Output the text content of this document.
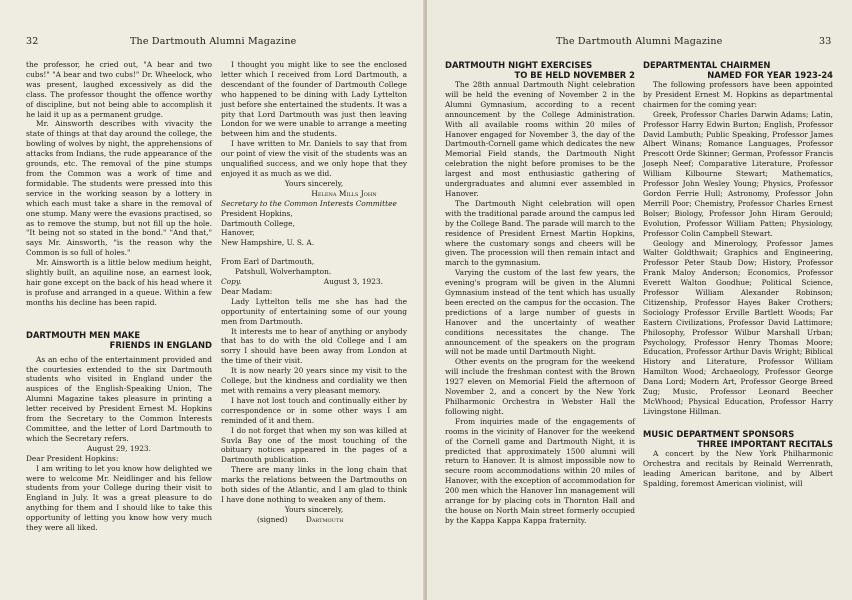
32	The Dartmouth Alumni Magazine

the professor, he cried out, "A bear and two cubs!" "A bear and two cubs!" Dr. Wheelock, who was present, laughed excessively as did the class. The professor thought the offence worthy of discipline, but not being able to accomplish it he laid it up as a permanent grudge.

Mr. Ainsworth describes with vivacity the state of things at that day around the college, the bowling of wolves by night, the apprehensions of attacks from Indians, the rude appearance of the grounds, etc. The removal of the pine stumps from the Common was a work of time and formidable. The students were pressed into this service in the working season by a lottery in which each must take a share in the removal of one stump. Many were the evasions practised, so as to remove the stump, but not fill up the hole. "It being not so stated in the bond." "And that," says Mr. Ainsworth, "is the reason why the Common is so full of holes."

Mr. Ainsworth is a little below medium height, slightly built, an aquiline nose, an earnest look, hair gone except on the back of his head where it is profuse and arranged in a queue. Within a few months his decline has been rapid.

DARTMOUTH MEN MAKE
FRIENDS IN ENGLAND

As an echo of the entertainment provided and the courtesies extended to the six Dartmouth students who visited in England under the auspices of the English-Speaking Union, The Alumni Magazine takes pleasure in printing a letter received by President Ernest M. Hopkins from the Secretary to the Common Interests Committee, and the letter of Lord Dartmouth to which the Secretary refers.

August 29, 1923.

Dear President Hopkins:

I am writing to let you know how delighted we were to welcome Mr. Neidlinger and his fellow students from your College during their visit to England in July. It was a great pleasure to do anything for them and I should like to take this opportunity of letting you know how very much they were all liked.

I thought you might like to see the enclosed letter which I received from Lord Dartmouth, a descendant of the founder of Dartmouth College who happened to be dining with Lady Lyttelton just before she entertained the students. It was a pity that Lord Dartmouth was just then leaving London for we were unable to arrange a meeting between him and the students.

I have written to Mr. Daniels to say that from our point of view the visit of the students was an unqualified success, and we only hope that they enjoyed it as much as we did.

Yours sincerely,

Helena Mills John

Secretary to the Common Interests Committee

President Hopkins,

Dartmouth College,

Hanover,

New Hampshire, U. S. A.

From Earl of Dartmouth,

Patshull, Wolverhampton.

Copy.	August 3, 1923.

Dear Madam:

Lady Lyttelton tells me she has had the opportunity of entertaining some of our young men from Dartmouth.

It interests me to hear of anything or anybody that has to do with the old College and I am sorry I should have been away from London at the time of their visit.

It is now nearly 20 years since my visit to the College, but the kindness and cordiality we then met with remains a very pleasant memory.

I have not lost touch and continually either by correspondence or in some other ways I am reminded of it and them.

I do not forget that when my son was killed at Suvla Bay one of the most touching of the obituary notices appeared in the pages of a Dartmouth publication.

There are many links in the long chain that marks the relations between the Dartmouths on both sides of the Atlantic, and I am glad to think I have done nothing to weaken any of them.

Yours sincerely,

(signed) Dartmouth

The Dartmouth Alumni Magazine	33
DARTMOUTH NIGHT EXERCISES
TO BE HELD NOVEMBER 2

The 28th annual Dartmouth Night celebration will be held the evening of November 2 in the Alumni Gymnasium, according to a recent announcement by the College Administration. With all available rooms within 20 miles of Hanover engaged for November 3, the day of the Dartmouth-Cornell game which dedicates the new Memorial Field stands, the Dartmouth Night celebration the night before promises to be the largest and most enthusiastic gathering of undergraduates and alumni ever assembled in Hanover.

The Dartmouth Night celebration will open with the traditional parade around the campus led by the College Band. The parade will march to the residence of President Ernest Martin Hopkins, where the customary songs and cheers will be given. The procession will then remain intact and march to the gymnasium.

Varying the custom of the last few years, the evening's program will be given in the Alumni Gymnasium instead of the tent which has usually been erected on the campus for the occasion. The predictions of a large number of guests in Hanover and the uncertainty of weather conditions necessitates the change. The announcement of the speakers on the program will not be made until Dartmouth Night.

Other events on the program for the weekend will include the freshman contest with the Brown 1927 eleven on Memorial Field the afternoon of November 2, and a concert by the New York Philharmonic Orchestra in Webster Hall the following night.

From inquiries made of the engagements of rooms in the vicinity of Hanover for the weekend of the Cornell game and Dartmouth Night, it is predicted that approximately 1500 alumni will return to Hanover. It is almost impossible now to secure room accommodations within 20 miles of Hanover, with the exception of accommodation for 200 men which the Hanover Inn management will arrange for by placing cots in Thornton Hall and the house on North Main street formerly occupied by the Kappa Kappa Kappa fraternity.

DEPARTMENTAL CHAIRMEN
NAMED FOR YEAR 1923-24

The following professors have been appointed by President Ernest M. Hopkins as departmental chairmen for the coming year:

Greek, Professor Charles Darwin Adams; Latin, Professor Harry Edwin Burton; English, Professor David Lambuth; Public Speaking, Professor James Albert Winans; Romance Languages, Professor Prescott Orde Skinner; German, Professor Francis Joseph Neef; Comparative Literature, Professor William Kilbourne Stewart; Mathematics, Professor John Wesley Young; Physics, Professor Gordon Ferrie Hull; Astronomy, Professor John Merrill Poor; Chemistry, Professor Charles Ernest Bolser; Biology, Professor John Hiram Gerould; Evolution, Professor William Patten; Physiology, Professor Colin Campbell Stewart.

Geology and Minerology, Professor James Walter Goldthwait; Graphics and Engineering, Professor Peter Staub Dow; History, Professor Frank Maloy Anderson; Economics, Professor Everett Walton Goodhue; Political Science, Professor William Alexander Robinson; Citizenship, Professor Hayes Baker Crothers; Sociology Professor Erville Bartlett Woods; Far Eastern Civilizations, Professor David Lattimore; Philosophy, Professor Wilbur Marshall Urban; Psychology, Professor Henry Thomas Moore; Education, Professor Arthur Davis Wright; Biblical History and Literature, Professor William Hamilton Wood; Archaeology, Professor George Dana Lord; Modern Art, Professor George Breed Zug; Music, Professor Leonard Beecher McWhood; Physical Education, Professor Harry Livingstone Hillman.

MUSIC DEPARTMENT SPONSORS
THREE IMPORTANT RECITALS

A concert by the New York Philharmonic Orchestra and recitals by Reinald Werrenrath, leading American baritone, and by Albert Spalding, foremost American violinist, will
